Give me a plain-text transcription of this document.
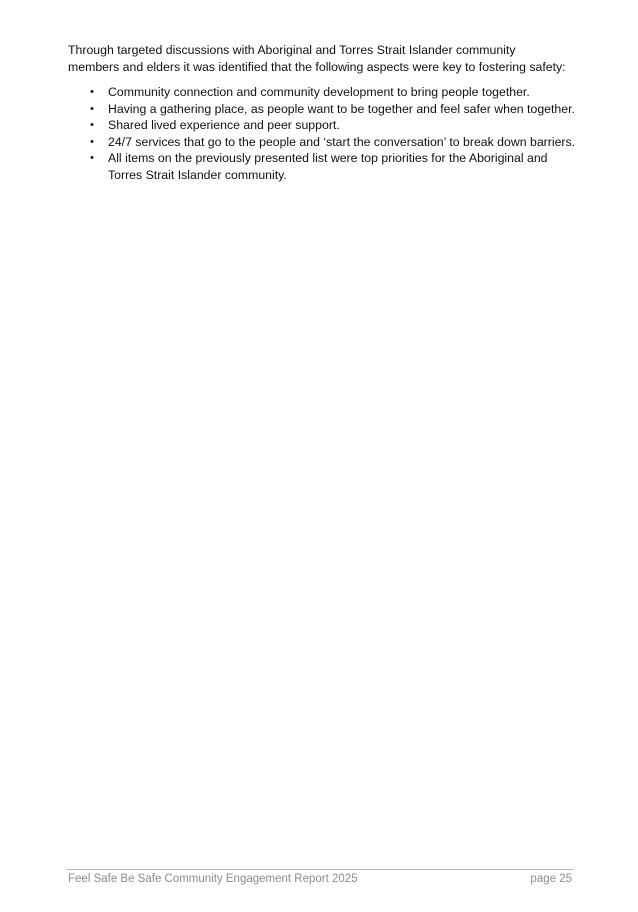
Through targeted discussions with Aboriginal and Torres Strait Islander community members and elders it was identified that the following aspects were key to fostering safety:

• Community connection and community development to bring people together.
• Having a gathering place, as people want to be together and feel safer when together.
• Shared lived experience and peer support.
• 24/7 services that go to the people and ‘start the conversation’ to break down barriers.
• All items on the previously presented list were top priorities for the Aboriginal and Torres Strait Islander community.
Feel Safe Be Safe Community Engagement Report 2025	page 25
